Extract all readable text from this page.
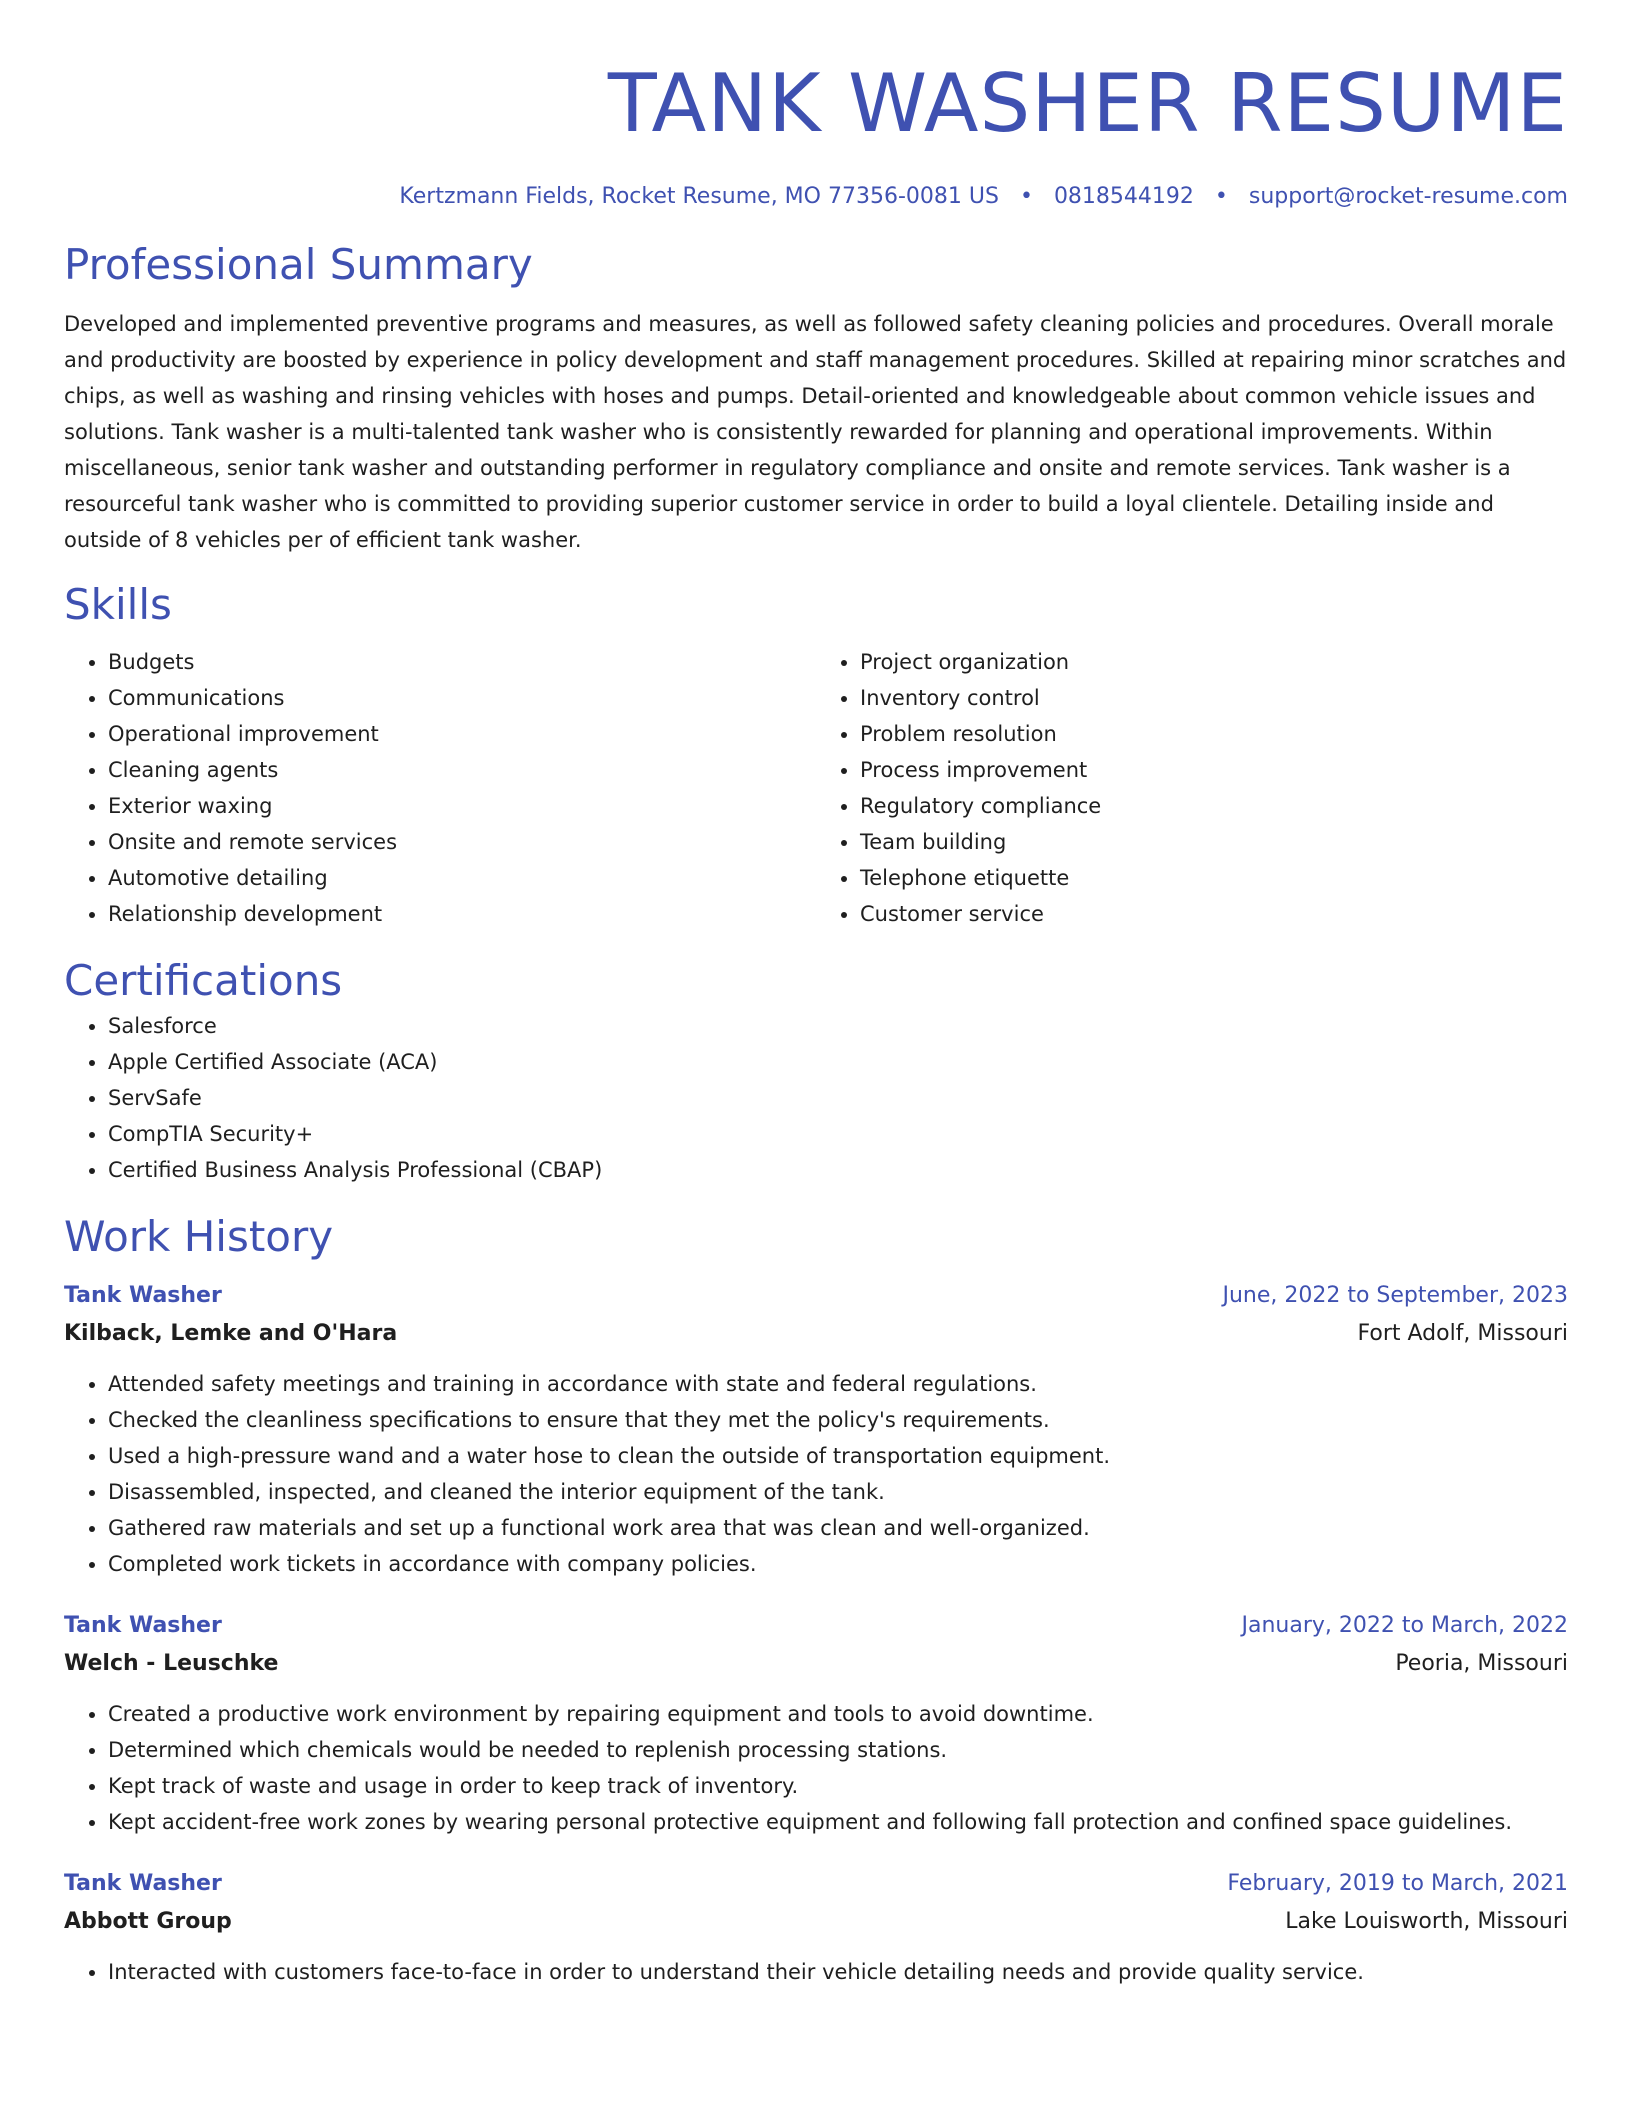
TANK WASHER RESUME
Kertzmann Fields, Rocket Resume, MO 77356-0081 US • 0818544192 • support@rocket-resume.com
Professional Summary

Developed and implemented preventive programs and measures, as well as followed safety cleaning policies and procedures. Overall morale and productivity are boosted by experience in policy development and staff management procedures. Skilled at repairing minor scratches and chips, as well as washing and rinsing vehicles with hoses and pumps. Detail-oriented and knowledgeable about common vehicle issues and solutions. Tank washer is a multi-talented tank washer who is consistently rewarded for planning and operational improvements. Within miscellaneous, senior tank washer and outstanding performer in regulatory compliance and onsite and remote services. Tank washer is a resourceful tank washer who is committed to providing superior customer service in order to build a loyal clientele. Detailing inside and outside of 8 vehicles per of efficient tank washer.

Skills
• Budgets
• Communications
• Operational improvement
• Cleaning agents
• Exterior waxing
• Onsite and remote services
• Automotive detailing
• Relationship development
• Project organization
• Inventory control
• Problem resolution
• Process improvement
• Regulatory compliance
• Team building
• Telephone etiquette
• Customer service
Certifications
• Salesforce
• Apple Certified Associate (ACA)
• ServSafe
• CompTIA Security+
• Certified Business Analysis Professional (CBAP)
Work History
Tank Washer	June, 2022 to September, 2023
Kilback, Lemke and O'Hara	Fort Adolf, Missouri
• Attended safety meetings and training in accordance with state and federal regulations.
• Checked the cleanliness specifications to ensure that they met the policy's requirements.
• Used a high-pressure wand and a water hose to clean the outside of transportation equipment.
• Disassembled, inspected, and cleaned the interior equipment of the tank.
• Gathered raw materials and set up a functional work area that was clean and well-organized.
• Completed work tickets in accordance with company policies.
Tank Washer	January, 2022 to March, 2022
Welch - Leuschke	Peoria, Missouri
• Created a productive work environment by repairing equipment and tools to avoid downtime.
• Determined which chemicals would be needed to replenish processing stations.
• Kept track of waste and usage in order to keep track of inventory.
• Kept accident-free work zones by wearing personal protective equipment and following fall protection and confined space guidelines.
Tank Washer	February, 2019 to March, 2021
Abbott Group	Lake Louisworth, Missouri
• Interacted with customers face-to-face in order to understand their vehicle detailing needs and provide quality service.
